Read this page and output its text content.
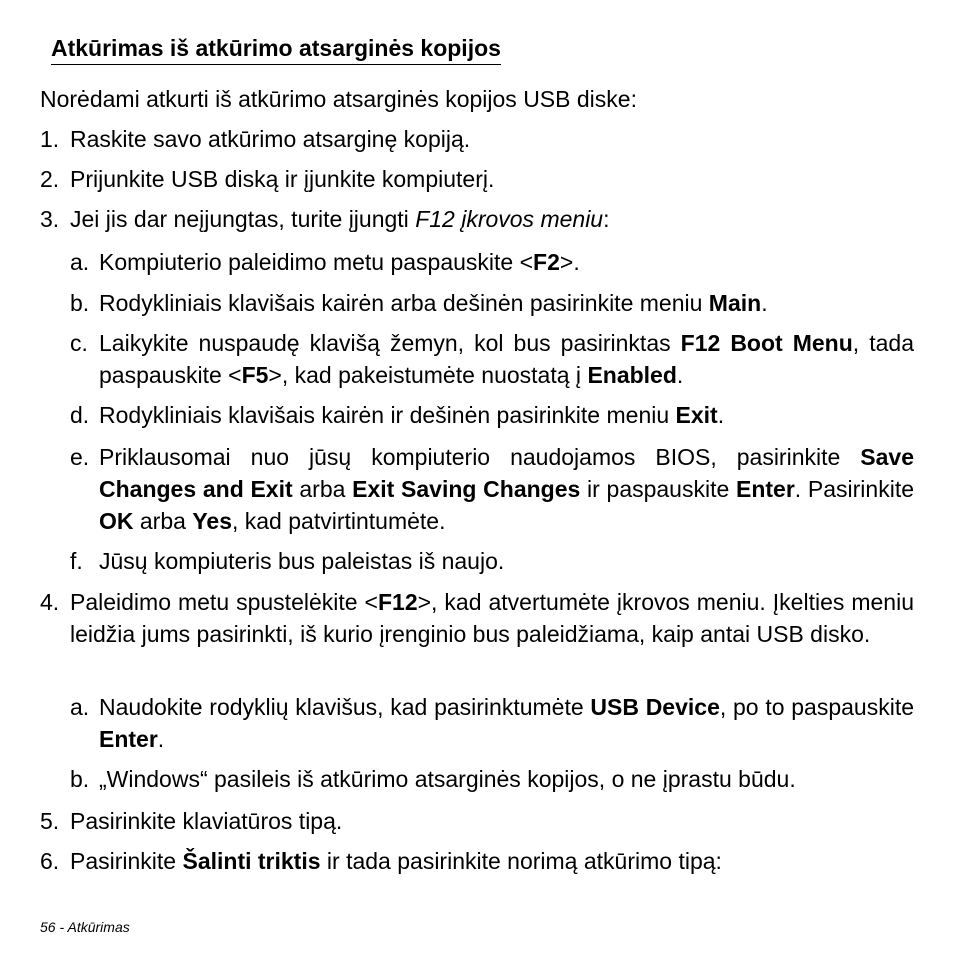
Atkūrimas iš atkūrimo atsarginės kopijos
Norėdami atkurti iš atkūrimo atsarginės kopijos USB diske:
1. Raskite savo atkūrimo atsarginę kopiją.
2. Prijunkite USB diską ir įjunkite kompiuterį.
3. Jei jis dar neįjungtas, turite įjungti F12 įkrovos meniu:
a. Kompiuterio paleidimo metu paspauskite <F2>.
b. Rodykliniais klavišais kairėn arba dešinėn pasirinkite meniu Main.
c. Laikykite nuspaudę klavišą žemyn, kol bus pasirinktas F12 Boot Menu, tada paspauskite <F5>, kad pakeistumėte nuostatą į Enabled.
d. Rodykliniais klavišais kairėn ir dešinėn pasirinkite meniu Exit.
e. Priklausomai nuo jūsų kompiuterio naudojamos BIOS, pasirinkite Save Changes and Exit arba Exit Saving Changes ir paspauskite Enter. Pasirinkite OK arba Yes, kad patvirtintumėte.
f. Jūsų kompiuteris bus paleistas iš naujo.
4. Paleidimo metu spustelėkite <F12>, kad atvertumėte įkrovos meniu. Įkelties meniu leidžia jums pasirinkti, iš kurio įrenginio bus paleidžiama, kaip antai USB disko.
a. Naudokite rodyklių klavišus, kad pasirinktumėte USB Device, po to paspauskite Enter.
b. „Windows“ pasileis iš atkūrimo atsarginės kopijos, o ne įprastu būdu.
5. Pasirinkite klaviatūros tipą.
6. Pasirinkite Šalinti triktis ir tada pasirinkite norimą atkūrimo tipą:
56 - Atkūrimas
